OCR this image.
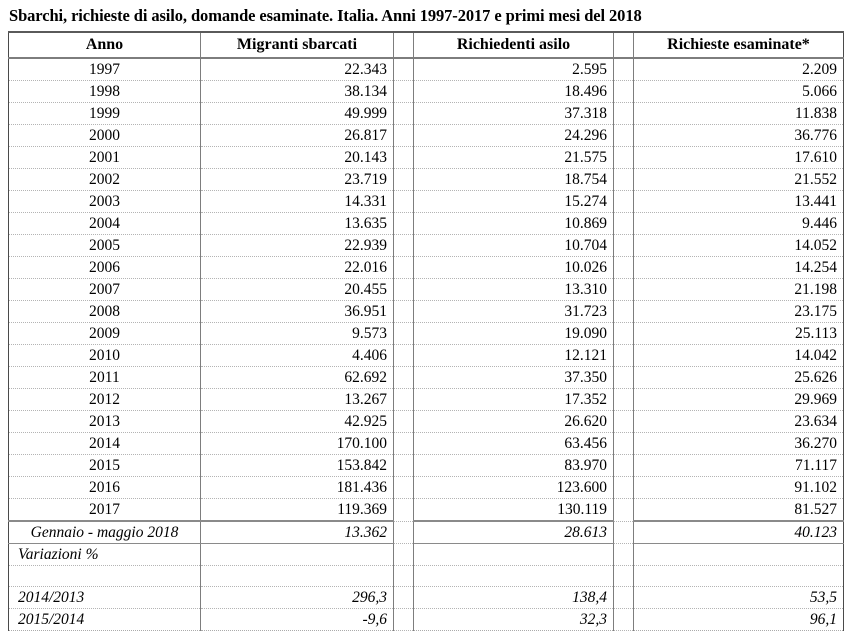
Sbarchi, richieste di asilo, domande esaminate. Italia. Anni 1997-2017 e primi mesi del 2018
Anno	Migranti sbarcati		Richiedenti asilo		Richieste esaminate*
1997	22.343		2.595		2.209
1998	38.134		18.496		5.066
1999	49.999		37.318		11.838
2000	26.817		24.296		36.776
2001	20.143		21.575		17.610
2002	23.719		18.754		21.552
2003	14.331		15.274		13.441
2004	13.635		10.869		9.446
2005	22.939		10.704		14.052
2006	22.016		10.026		14.254
2007	20.455		13.310		21.198
2008	36.951		31.723		23.175
2009	9.573		19.090		25.113
2010	4.406		12.121		14.042
2011	62.692		37.350		25.626
2012	13.267		17.352		29.969
2013	42.925		26.620		23.634
2014	170.100		63.456		36.270
2015	153.842		83.970		71.117
2016	181.436		123.600		91.102
2017	119.369		130.119		81.527
Gennaio - maggio 2018	13.362		28.613		40.123
Variazioni %					

2014/2013	296,3		138,4		53,5
2015/2014	-9,6		32,3		96,1
